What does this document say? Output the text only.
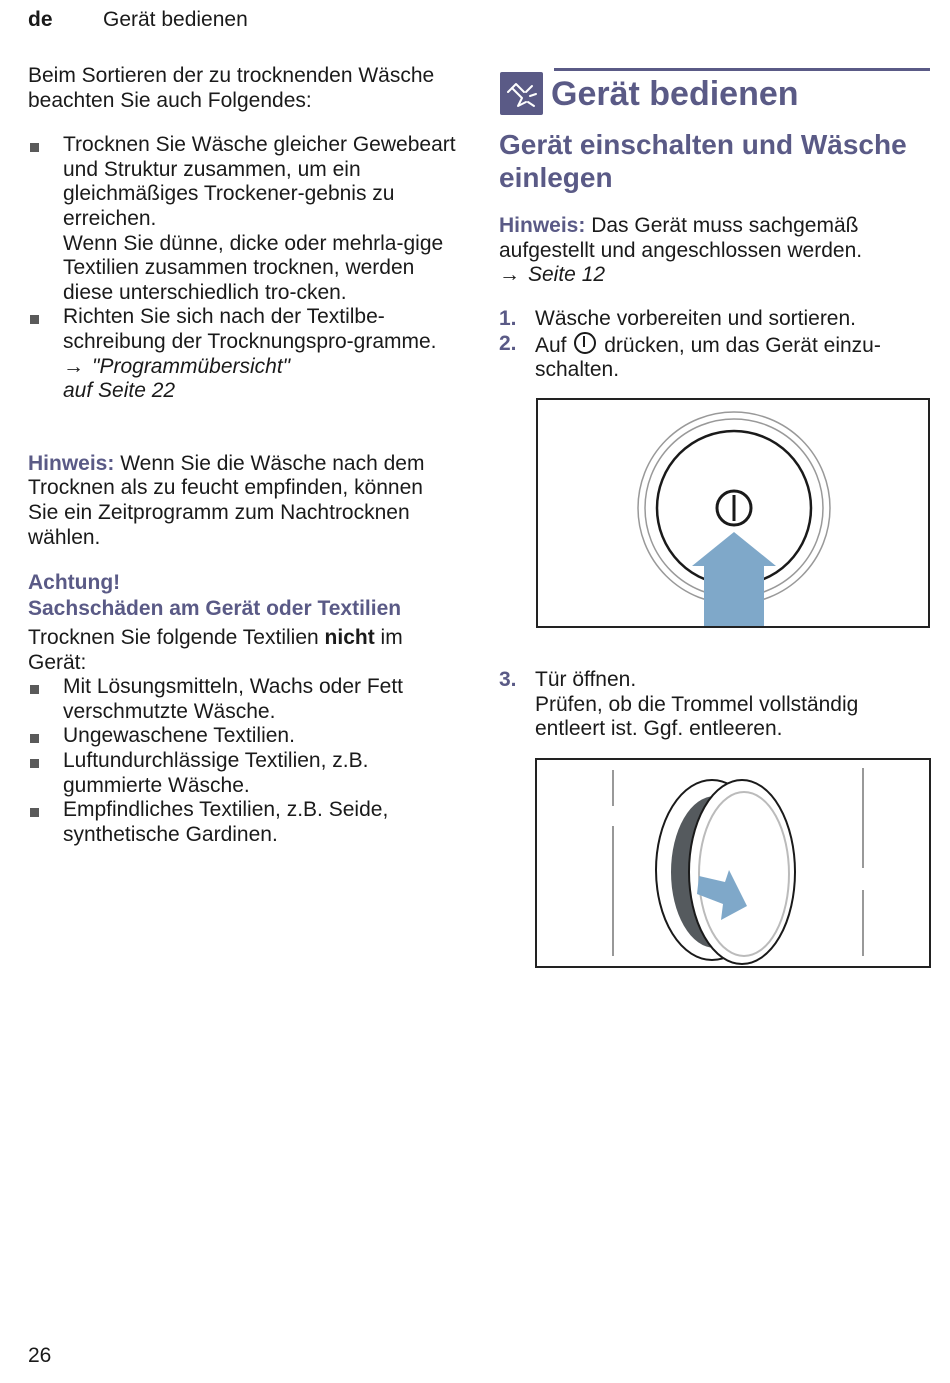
de Gerät bedienen

Beim Sortieren der zu trocknenden Wäsche beachten Sie auch Folgendes:

Trocknen Sie Wäsche gleicher Gewebeart und Struktur zusammen, um ein gleichmäßiges Trockener-gebnis zu erreichen.
Wenn Sie dünne, dicke oder mehrla-gige Textilien zusammen trocknen, werden diese unterschiedlich tro-cken.
Richten Sie sich nach der Textilbe-schreibung der Trocknungspro-gramme.
→ "Programmübersicht"
auf Seite 22

Hinweis: Wenn Sie die Wäsche nach dem Trocknen als zu feucht empfinden, können Sie ein Zeitprogramm zum Nachtrocknen wählen.

Achtung!
Sachschäden am Gerät oder Textilien

Trocknen Sie folgende Textilien nicht im Gerät:

Mit Lösungsmitteln, Wachs oder Fett verschmutzte Wäsche.
Ungewaschene Textilien.
Luftundurchlässige Textilien, z.B. gummierte Wäsche.
Empfindliches Textilien, z.B. Seide, synthetische Gardinen.
Gerät bedienen
Gerät einschalten und Wäsche einlegen

Hinweis: Das Gerät muss sachgemäß aufgestellt und angeschlossen werden.

→ Seite 12
1. Wäsche vorbereiten und sortieren.
2. Auf drücken, um das Gerät einzu-schalten.
3. Tür öffnen.
Prüfen, ob die Trommel vollständig entleert ist. Ggf. entleeren.
26
